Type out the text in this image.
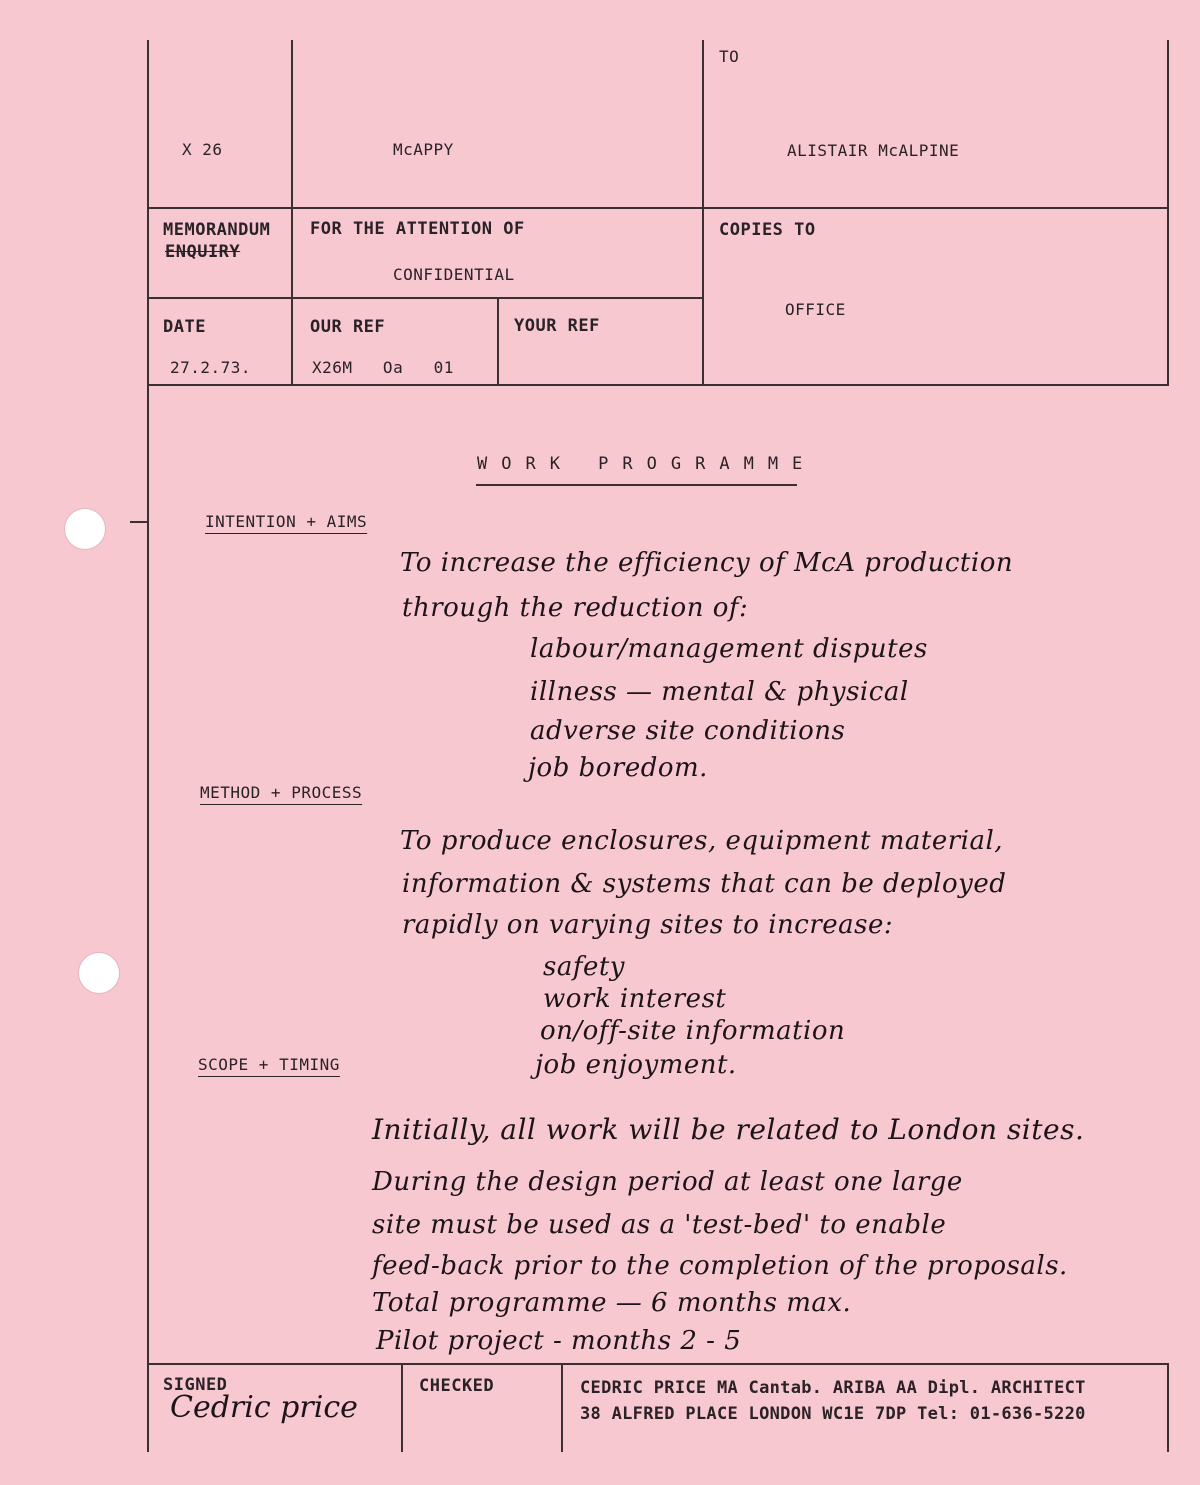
X 26	McAPPY
TO
ALISTAIR McALPINE
MEMORANDUM
ENQUIRY
FOR THE ATTENTION OF
CONFIDENTIAL
COPIES TO
OFFICE
DATE
27.2.73.
OUR REF
X26M   Oa   01
YOUR REF
WORK PROGRAMME
INTENTION + AIMS
To increase the efficiency of McA production
through the reduction of:
labour/management disputes
illness — mental & physical
adverse site conditions
job boredom.
METHOD + PROCESS
To produce enclosures, equipment material,
information & systems that can be deployed
rapidly on varying sites to increase:
safety
work interest
on/off-site information
job enjoyment.
SCOPE + TIMING
Initially, all work will be related to London sites.
During the design period at least one large
site must be used as a 'test-bed' to enable
feed-back prior to the completion of the proposals.
Total programme — 6 months max.
Pilot project - months 2 - 5
SIGNED
Cedric price
CHECKED	CEDRIC PRICE MA Cantab. ARIBA AA Dipl. ARCHITECT
38 ALFRED PLACE LONDON WC1E 7DP Tel: 01-636-5220
